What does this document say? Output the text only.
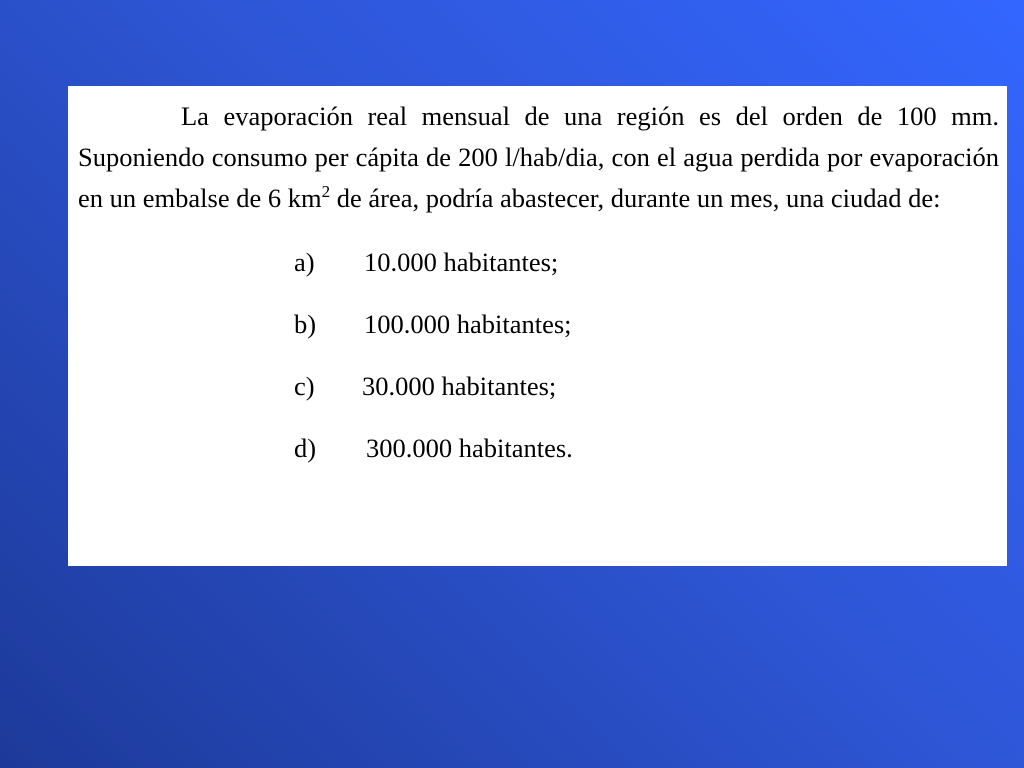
La evaporación real mensual de una región es del orden de 100 mm. Suponiendo consumo per cápita de 200 l/hab/dia, con el agua perdida por evaporación en un embalse de 6 $km^2$ de área, podría abastecer, durante un mes, una ciudad de:

a) 10.000 habitantes;
b) 100.000 habitantes;
c) 30.000 habitantes;
d) 300.000 habitantes.
